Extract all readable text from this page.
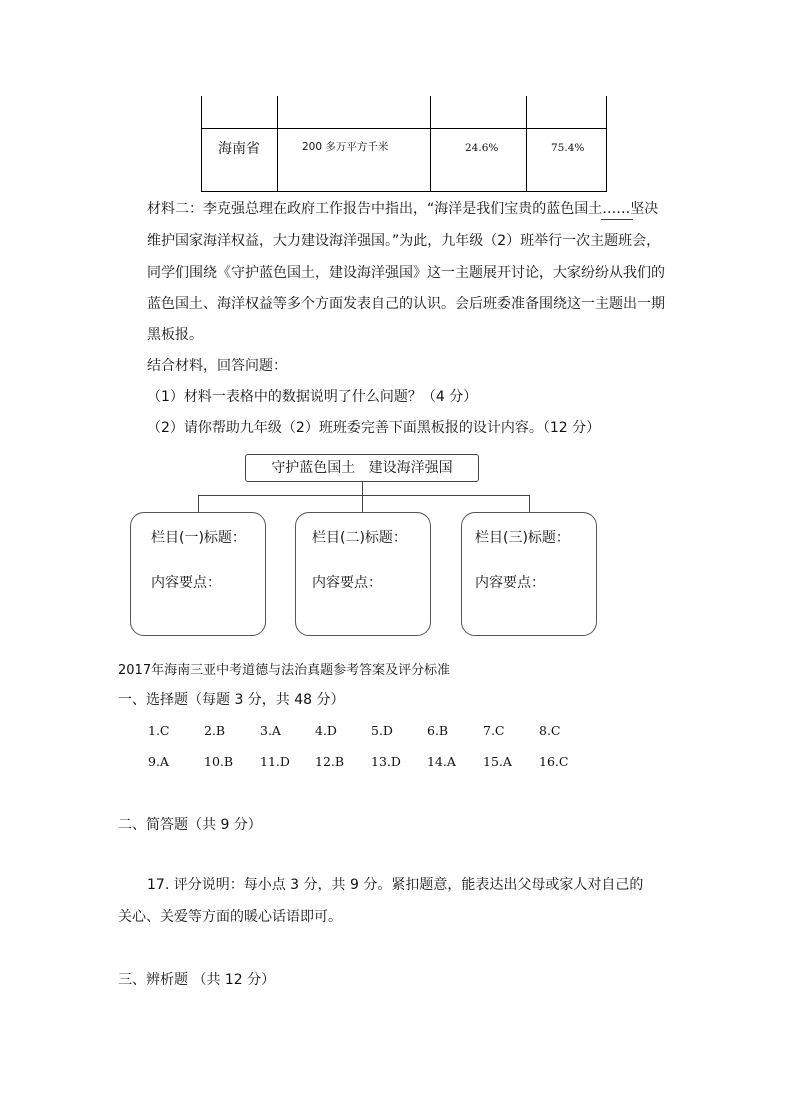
海南省	200 多万平方千米	24.6%	75.4%
材料二：李克强总理在政府工作报告中指出，“海洋是我们宝贵的蓝色国土……坚决
维护国家海洋权益，大力建设海洋强国。”为此，九年级（2）班举行一次主题班会，
同学们围绕《守护蓝色国土，建设海洋强国》这一主题展开讨论，大家纷纷从我们的
蓝色国土、海洋权益等多个方面发表自己的认识。会后班委准备围绕这一主题出一期
黑板报。
结合材料，回答问题：
（1）材料一表格中的数据说明了什么问题？（4 分）
（2）请你帮助九年级（2）班班委完善下面黑板报的设计内容。（12 分）
守护蓝色国土   建设海洋强国
栏目(一)标题：
内容要点：
栏目(二)标题：
内容要点：
栏目(三)标题：
内容要点：
2017年海南三亚中考道德与法治真题参考答案及评分标准
一、选择题（每题 3 分，共 48 分）
1.C	2.B	3.A	4.D	5.D	6.B	7.C	8.C
9.A	10.B 11.D 12.B 13.D 14.A 15.A 16.C
二、简答题（共 9 分）
17. 评分说明：每小点 3 分，共 9 分。紧扣题意，能表达出父母或家人对自己的
关心、关爱等方面的暖心话语即可。
三、辨析题 （共 12 分）
